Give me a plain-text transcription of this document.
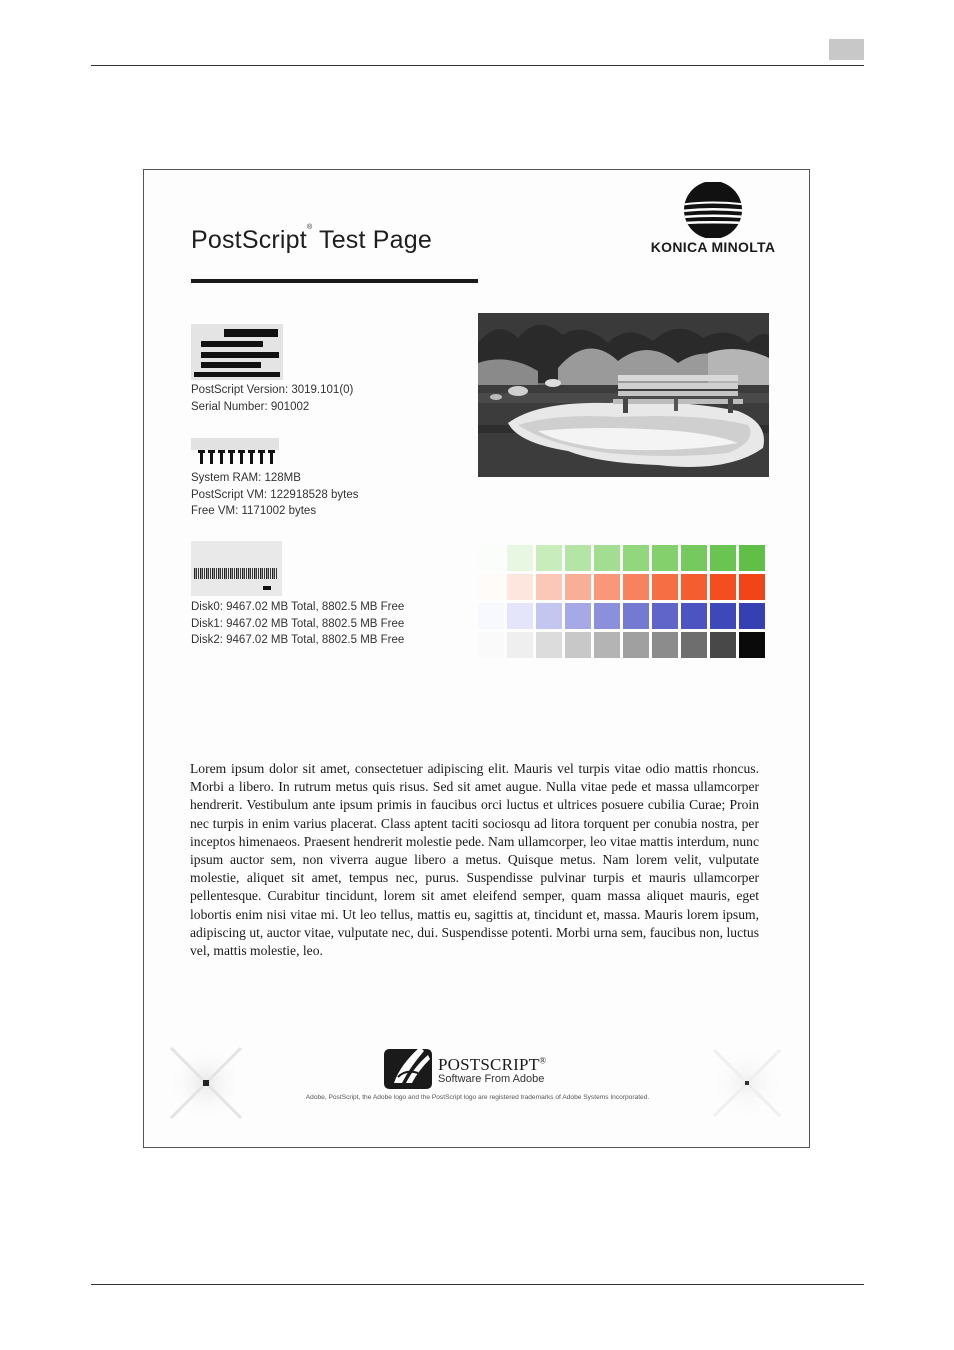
PostScript® Test Page	KONICA MINOLTA
PostScript Version: 3019.101(0)
Serial Number: 901002
System RAM: 128MB
PostScript VM: 122918528 bytes
Free VM: 1171002 bytes
Disk0: 9467.02 MB Total, 8802.5 MB Free
Disk1: 9467.02 MB Total, 8802.5 MB Free
Disk2: 9467.02 MB Total, 8802.5 MB Free
Lorem ipsum dolor sit amet, consectetuer adipiscing elit. Mauris vel turpis vitae odio mattis rhoncus. Morbi a libero. In rutrum metus quis risus. Sed sit amet augue. Nulla vitae pede et massa ullamcorper hendrerit. Vestibulum ante ipsum primis in faucibus orci luctus et ultrices posuere cubilia Curae; Proin nec turpis in enim varius placerat. Class aptent taciti sociosqu ad litora torquent per conubia nostra, per inceptos himenaeos. Praesent hendrerit molestie pede. Nam ullamcorper, leo vitae mattis interdum, nunc ipsum auctor sem, non viverra augue libero a metus. Quisque metus. Nam lorem velit, vulputate molestie, aliquet sit amet, tempus nec, purus. Suspendisse pulvinar turpis et mauris ullamcorper pellentesque. Curabitur tincidunt, lorem sit amet eleifend semper, quam massa aliquet mauris, eget lobortis enim nisi vitae mi. Ut leo tellus, mattis eu, sagittis at, tincidunt et, massa. Mauris lorem ipsum, adipiscing ut, auctor vitae, vulputate nec, dui. Suspendisse potenti. Morbi urna sem, faucibus non, luctus vel, mattis molestie, leo.
POSTSCRIPT®
Software From Adobe
Adobe, PostScript, the Adobe logo and the PostScript logo are registered trademarks of Adobe Systems Incorporated.
